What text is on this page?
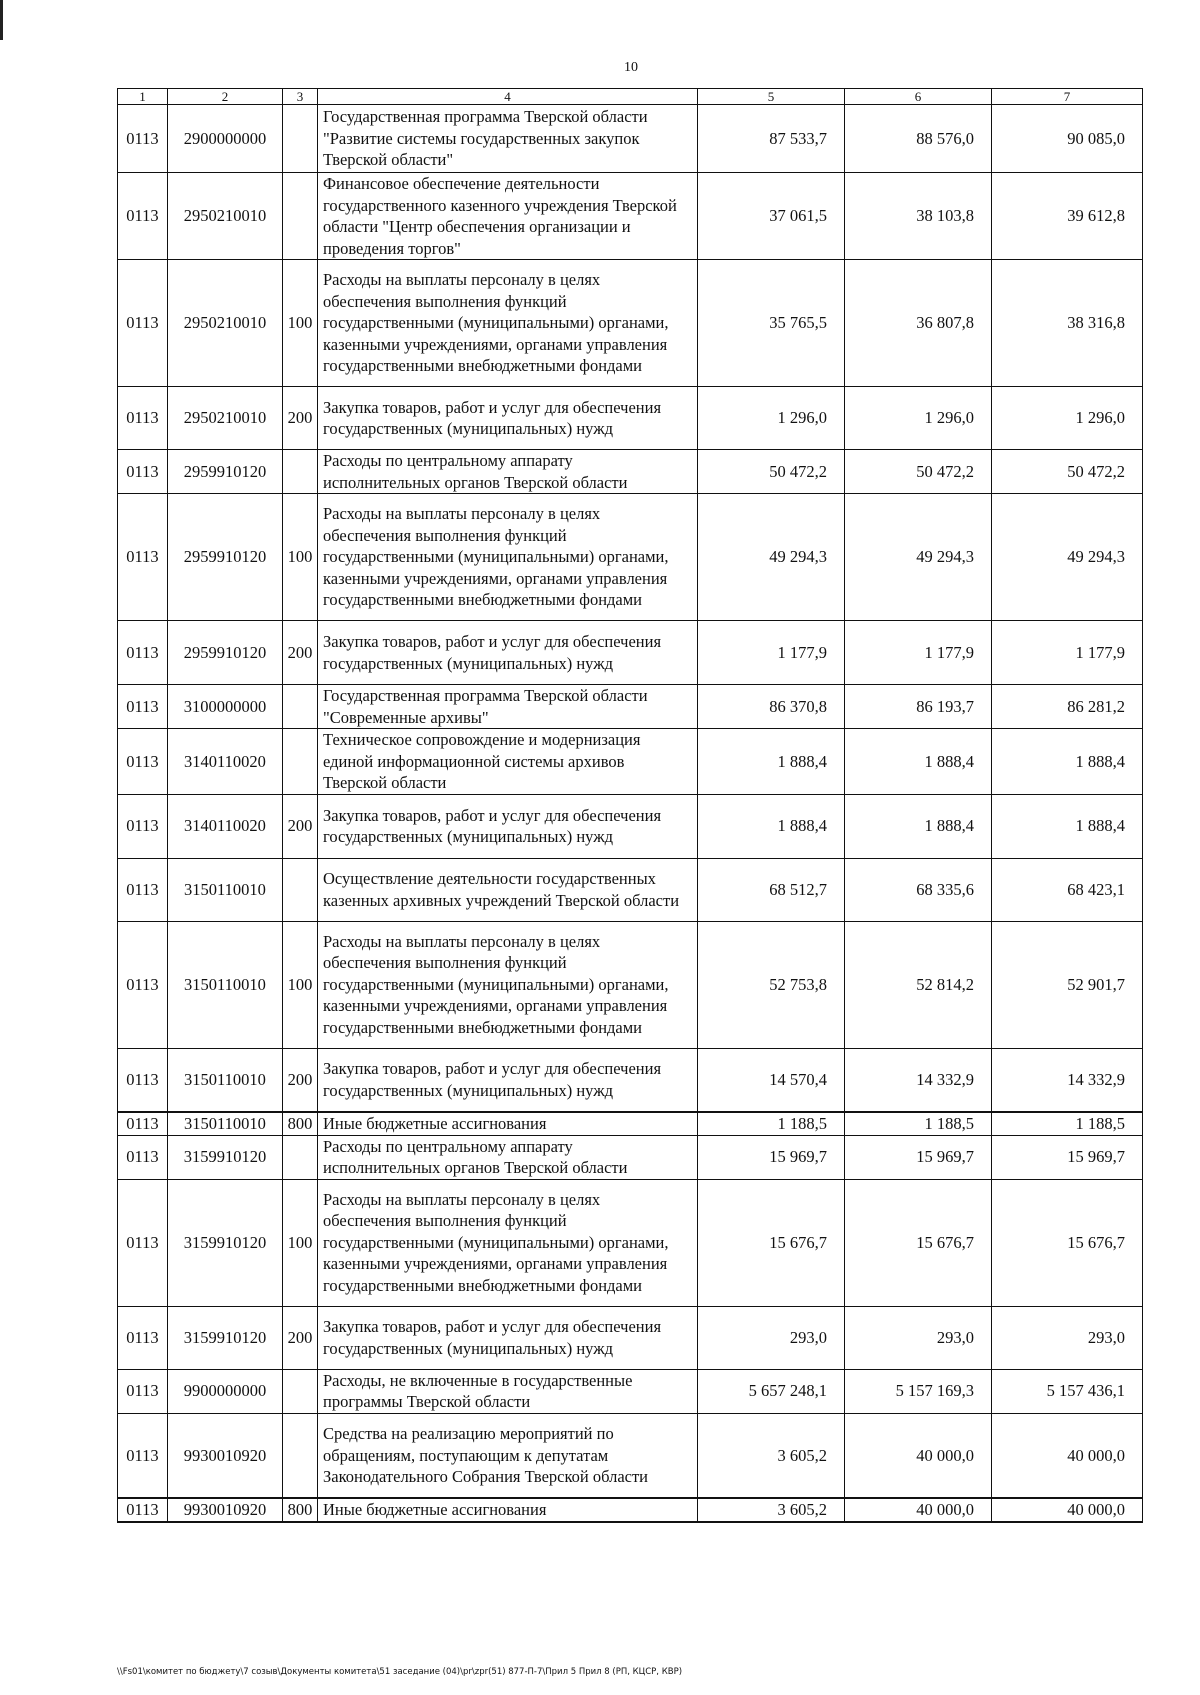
10
1	2	3	4	5	6	7
0113	2900000000		Государственная программа Тверской области "Развитие системы государственных закупок Тверской области"	87 533,7	88 576,0	90 085,0
0113	2950210010		Финансовое обеспечение деятельности государственного казенного учреждения Тверской области "Центр обеспечения организации и проведения торгов"	37 061,5	38 103,8	39 612,8
0113	2950210010	100	Расходы на выплаты персоналу в целях обеспечения выполнения функций государственными (муниципальными) органами, казенными учреждениями, органами управления государственными внебюджетными фондами	35 765,5	36 807,8	38 316,8
0113	2950210010	200	Закупка товаров, работ и услуг для обеспечения государственных (муниципальных) нужд	1 296,0	1 296,0	1 296,0
0113	2959910120		Расходы по центральному аппарату исполнительных органов Тверской области	50 472,2	50 472,2	50 472,2
0113	2959910120	100	Расходы на выплаты персоналу в целях обеспечения выполнения функций государственными (муниципальными) органами, казенными учреждениями, органами управления государственными внебюджетными фондами	49 294,3	49 294,3	49 294,3
0113	2959910120	200	Закупка товаров, работ и услуг для обеспечения государственных (муниципальных) нужд	1 177,9	1 177,9	1 177,9
0113	3100000000		Государственная программа Тверской области "Современные архивы"	86 370,8	86 193,7	86 281,2
0113	3140110020		Техническое сопровождение и модернизация единой информационной системы архивов Тверской области	1 888,4	1 888,4	1 888,4
0113	3140110020	200	Закупка товаров, работ и услуг для обеспечения государственных (муниципальных) нужд	1 888,4	1 888,4	1 888,4
0113	3150110010		Осуществление деятельности государственных казенных архивных учреждений Тверской области	68 512,7	68 335,6	68 423,1
0113	3150110010	100	Расходы на выплаты персоналу в целях обеспечения выполнения функций государственными (муниципальными) органами, казенными учреждениями, органами управления государственными внебюджетными фондами	52 753,8	52 814,2	52 901,7
0113	3150110010	200	Закупка товаров, работ и услуг для обеспечения государственных (муниципальных) нужд	14 570,4	14 332,9	14 332,9
0113	3150110010	800	Иные бюджетные ассигнования	1 188,5	1 188,5	1 188,5
0113	3159910120		Расходы по центральному аппарату исполнительных органов Тверской области	15 969,7	15 969,7	15 969,7
0113	3159910120	100	Расходы на выплаты персоналу в целях обеспечения выполнения функций государственными (муниципальными) органами, казенными учреждениями, органами управления государственными внебюджетными фондами	15 676,7	15 676,7	15 676,7
0113	3159910120	200	Закупка товаров, работ и услуг для обеспечения государственных (муниципальных) нужд	293,0	293,0	293,0
0113	9900000000		Расходы, не включенные в государственные программы Тверской области	5 657 248,1	5 157 169,3	5 157 436,1
0113	9930010920		Средства на реализацию мероприятий по обращениям, поступающим к депутатам Законодательного Собрания Тверской области	3 605,2	40 000,0	40 000,0
0113	9930010920	800	Иные бюджетные ассигнования	3 605,2	40 000,0	40 000,0
\\Fs01\комитет по бюджету\7 созыв\Документы комитета\51 заседание (04)\pr\zpr(51) 877-П-7\Прил 5 Прил 8 (РП, КЦСР, КВР)
